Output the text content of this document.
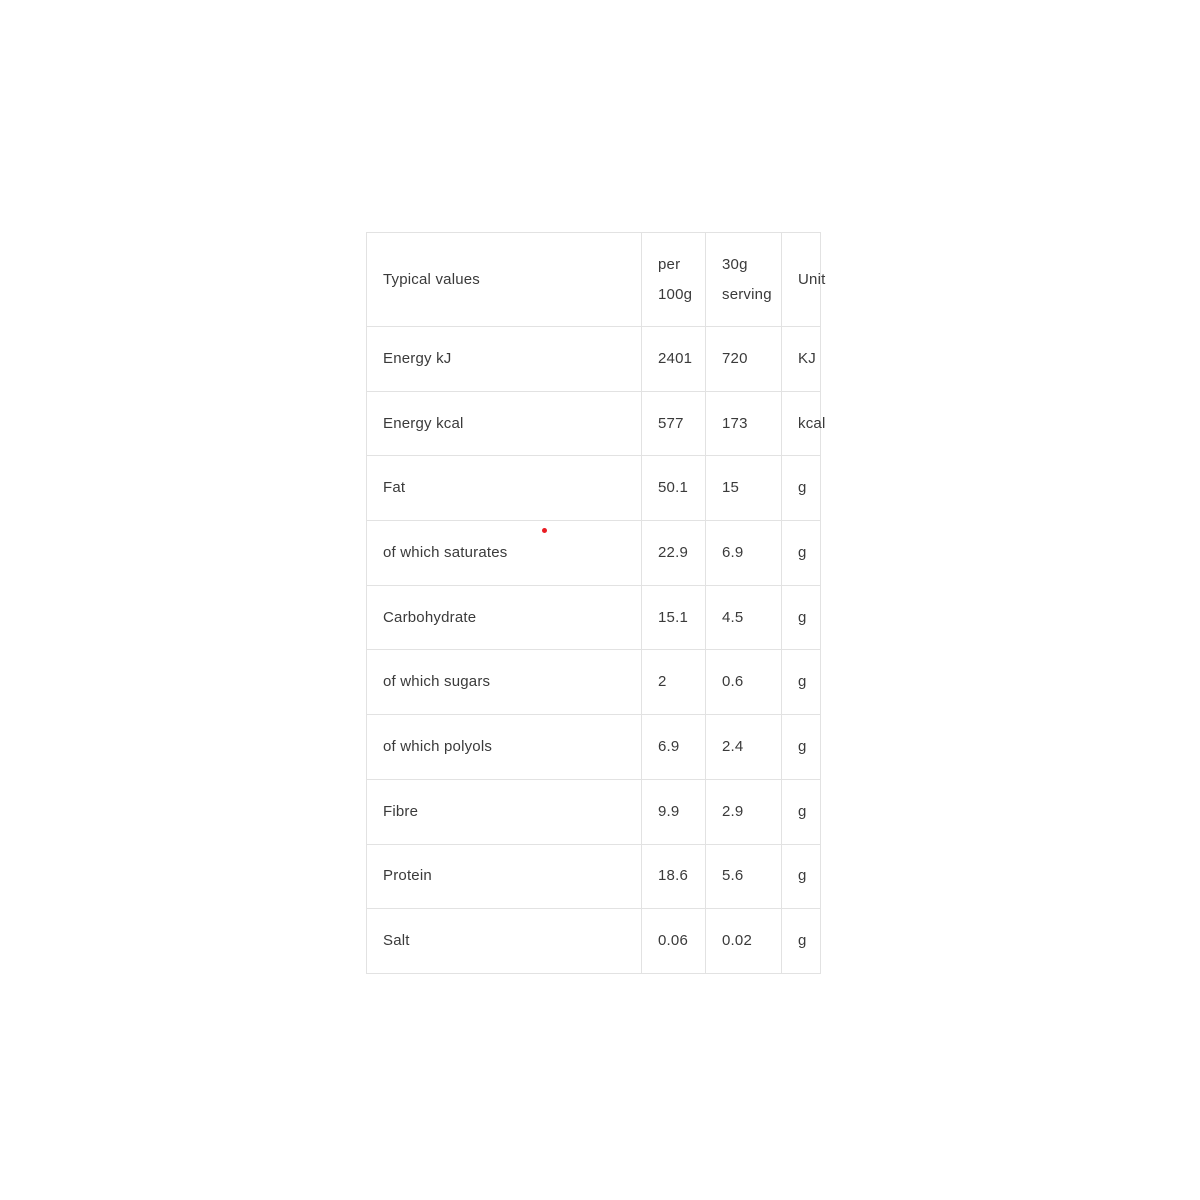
Typical values	per 100g	30g serving	Unit
Energy kJ	2401	720	KJ
Energy kcal	577	173	kcal
Fat	50.1	15	g
of which saturates	22.9	6.9	g
Carbohydrate	15.1	4.5	g
of which sugars	2	0.6	g
of which polyols	6.9	2.4	g
Fibre	9.9	2.9	g
Protein	18.6	5.6	g
Salt	0.06	0.02	g
